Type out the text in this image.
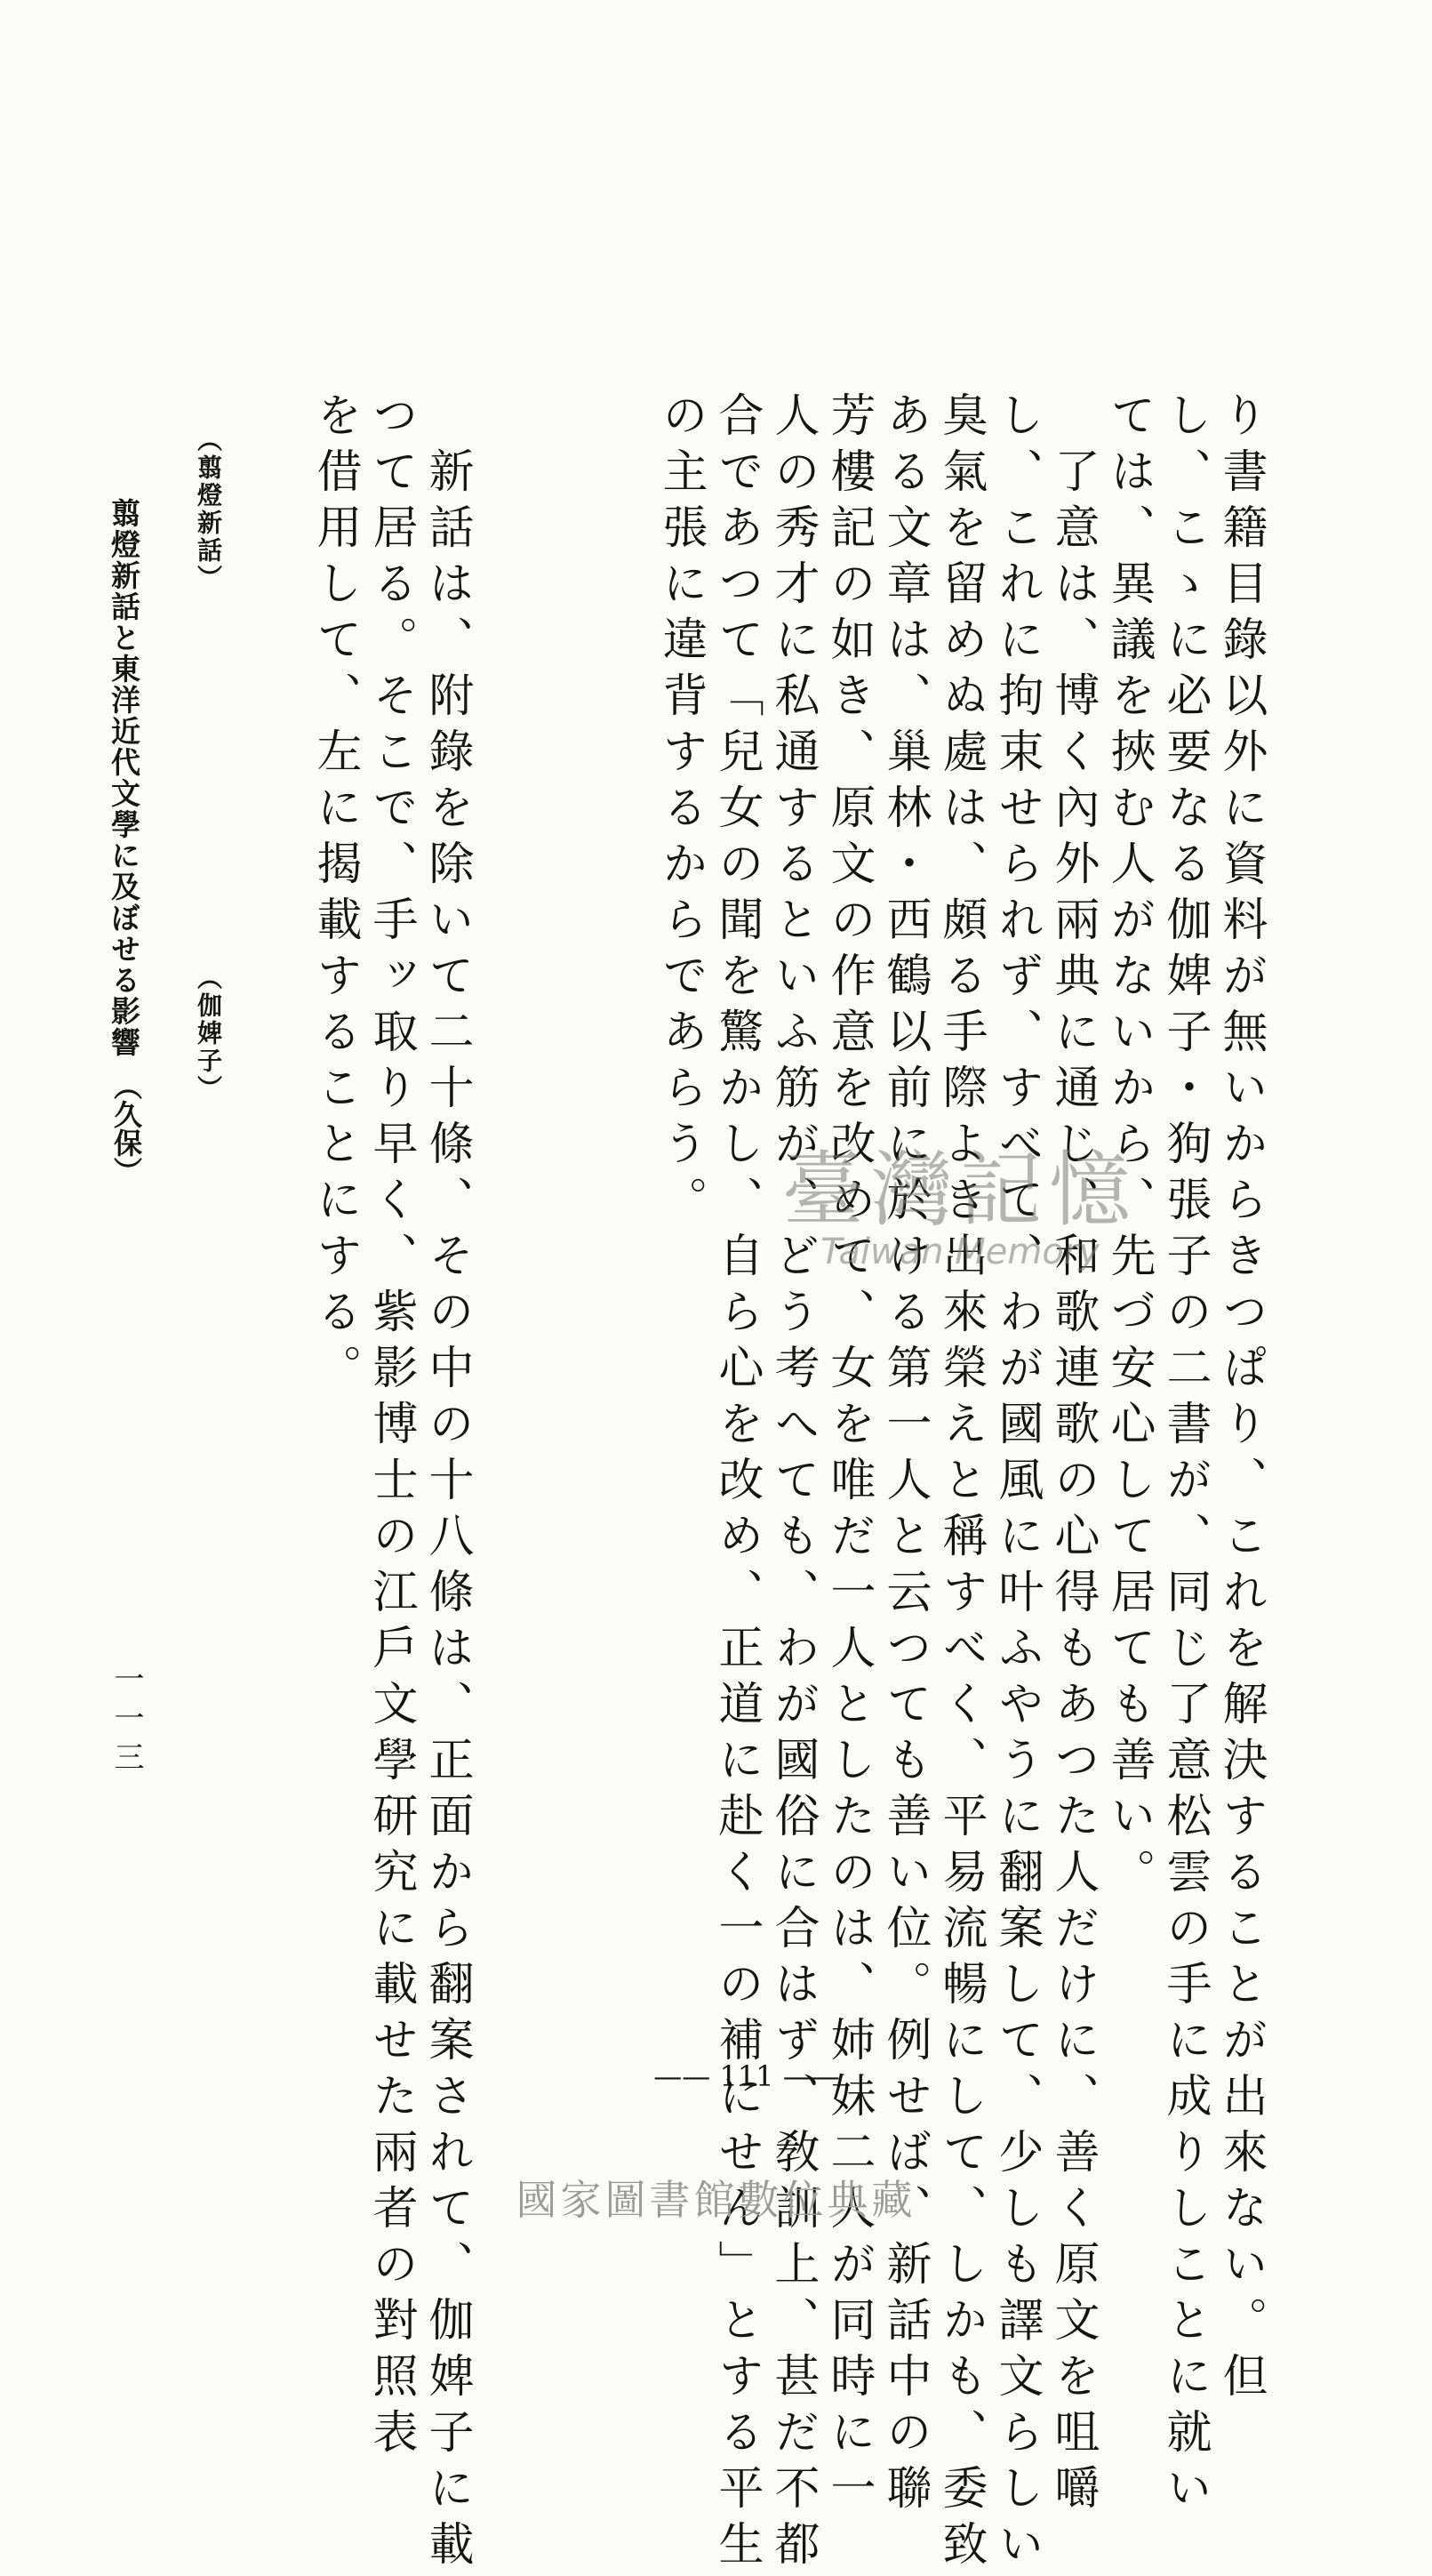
り書籍目錄以外に資料が無いからきつぱり、これを解決することが出來ない。但
し、こゝに必要なる伽婢子・狗張子の二書が、同じ了意松雲の手に成りしことに就い
ては、異議を挾む人がないから、先づ安心して居ても善い。
了意は、博く內外兩典に通じ、和歌連歌の心得もあつた人だけに、善く原文を咀嚼
し、これに拘束せられず、すべて、わが國風に叶ふやうに翻案して、少しも譯文らしい
臭氣を留めぬ處は、頗る手際よき出來榮えと稱すべく、平易流暢にして、しかも、委致
ある文章は、巢林・西鶴以前に於ける第一人と云つても善い位。例せば、新話中の聯
芳樓記の如き、原文の作意を改めて、女を唯だ一人としたのは、姉妹二人が同時に一
人の秀才に私通するといふ筋が、どう考へても、わが國俗に合はず、敎訓上、甚だ不都
合であつて「兒女の聞を驚かし、自ら心を改め、正道に赴く一の補にせん」とする平生
の主張に違背するからであらう。
新話は、附錄を除いて二十條、その中の十八條は、正面から翻案されて、伽婢子に載
つて居る。そこで、手ッ取り早く、紫影博士の江戶文學研究に載せた兩者の對照表
を借用して、左に揭載することにする。
（翦燈新話）
（伽婢子）
翦燈新話と東洋近代文學に及ぼせる影響
（久保）
一一三
—— 111 ——
臺灣記憶
Taiwan Memory
國家圖書館數位典藏
